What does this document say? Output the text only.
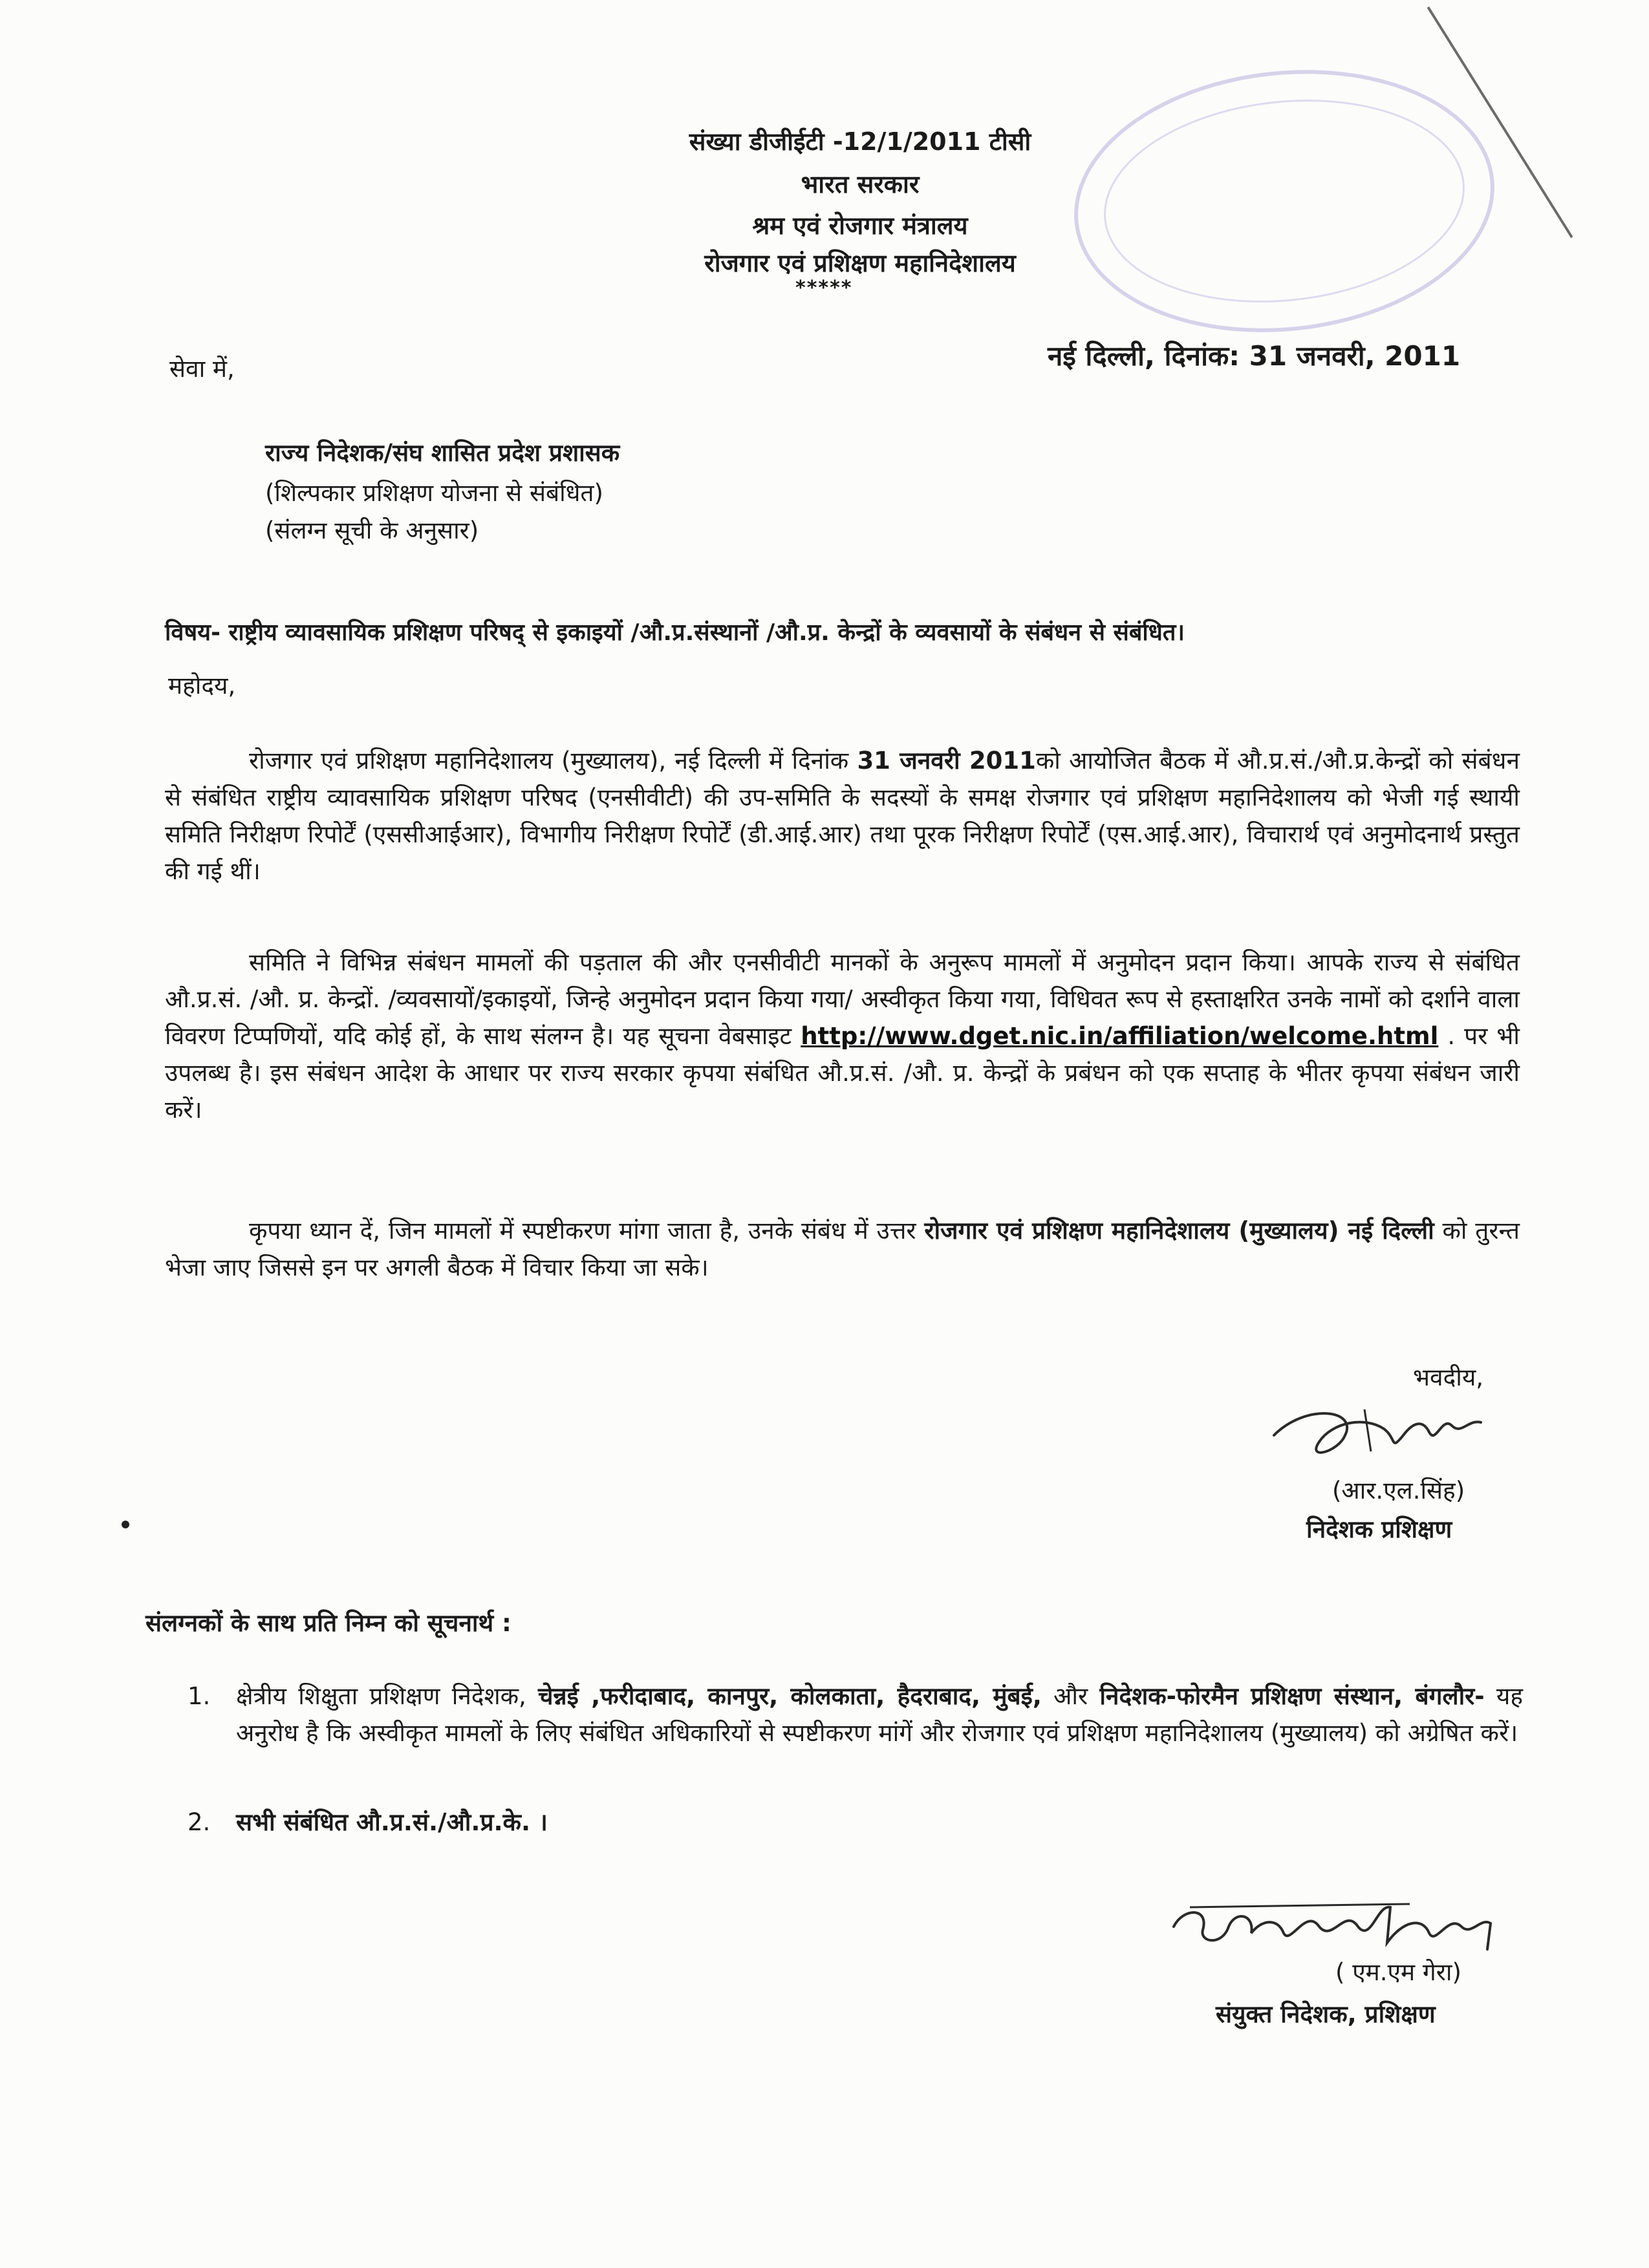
संख्या डीजीईटी -12/1/2011 टीसी
भारत सरकार
श्रम एवं रोजगार मंत्रालय
रोजगार एवं प्रशिक्षण महानिदेशालय
*****
नई दिल्ली, दिनांक: 31 जनवरी, 2011
सेवा में,
राज्य निदेशक/संघ शासित प्रदेश प्रशासक
(शिल्पकार प्रशिक्षण योजना से संबंधित)
(संलग्न सूची के अनुसार)
विषय- राष्ट्रीय व्यावसायिक प्रशिक्षण परिषद् से इकाइयों /औ.प्र.संस्थानों /औ.प्र. केन्द्रों के व्यवसायों के संबंधन से संबंधित।
महोदय,
रोजगार एवं प्रशिक्षण महानिदेशालय (मुख्यालय), नई दिल्ली में दिनांक 31 जनवरी 2011को आयोजित बैठक में औ.प्र.सं./औ.प्र.केन्द्रों को संबंधन से संबंधित राष्ट्रीय व्यावसायिक प्रशिक्षण परिषद (एनसीवीटी) की उप-समिति के सदस्यों के समक्ष रोजगार एवं प्रशिक्षण महानिदेशालय को भेजी गई स्थायी समिति निरीक्षण रिपोर्टें (एससीआईआर), विभागीय निरीक्षण रिपोर्टें (डी.आई.आर) तथा पूरक निरीक्षण रिपोर्टें (एस.आई.आर), विचारार्थ एवं अनुमोदनार्थ प्रस्तुत की गई थीं।
समिति ने विभिन्न संबंधन मामलों की पड़ताल की और एनसीवीटी मानकों के अनुरूप मामलों में अनुमोदन प्रदान किया। आपके राज्य से संबंधित औ.प्र.सं. /औ. प्र. केन्द्रों. /व्यवसायों/इकाइयों, जिन्हे अनुमोदन प्रदान किया गया/ अस्वीकृत किया गया, विधिवत रूप से हस्ताक्षरित उनके नामों को दर्शाने वाला विवरण टिप्पणियों, यदि कोई हों, के साथ संलग्न है। यह सूचना वेबसाइट http://www.dget.nic.in/affiliation/welcome.html . पर भी उपलब्ध है। इस संबंधन आदेश के आधार पर राज्य सरकार कृपया संबंधित औ.प्र.सं. /औ. प्र. केन्द्रों के प्रबंधन को एक सप्ताह के भीतर कृपया संबंधन जारी करें।
कृपया ध्यान दें, जिन मामलों में स्पष्टीकरण मांगा जाता है, उनके संबंध में उत्तर रोजगार एवं प्रशिक्षण महानिदेशालय (मुख्यालय) नई दिल्ली को तुरन्त भेजा जाए जिससे इन पर अगली बैठक में विचार किया जा सके।
भवदीय,
(आर.एल.सिंह)
निदेशक प्रशिक्षण
संलग्नकों के साथ प्रति निम्न को सूचनार्थ :
1.	क्षेत्रीय शिक्षुता प्रशिक्षण निदेशक, चेन्नई ,फरीदाबाद, कानपुर, कोलकाता, हैदराबाद, मुंबई, और निदेशक-फोरमैन प्रशिक्षण संस्थान, बंगलौर- यह अनुरोध है कि अस्वीकृत मामलों के लिए संबंधित अधिकारियों से स्पष्टीकरण मांगें और रोजगार एवं प्रशिक्षण महानिदेशालय (मुख्यालय) को अग्रेषित करें।
2.	सभी संबंधित औ.प्र.सं./औ.प्र.के. ।
( एम.एम गेरा)
संयुक्त निदेशक, प्रशिक्षण
